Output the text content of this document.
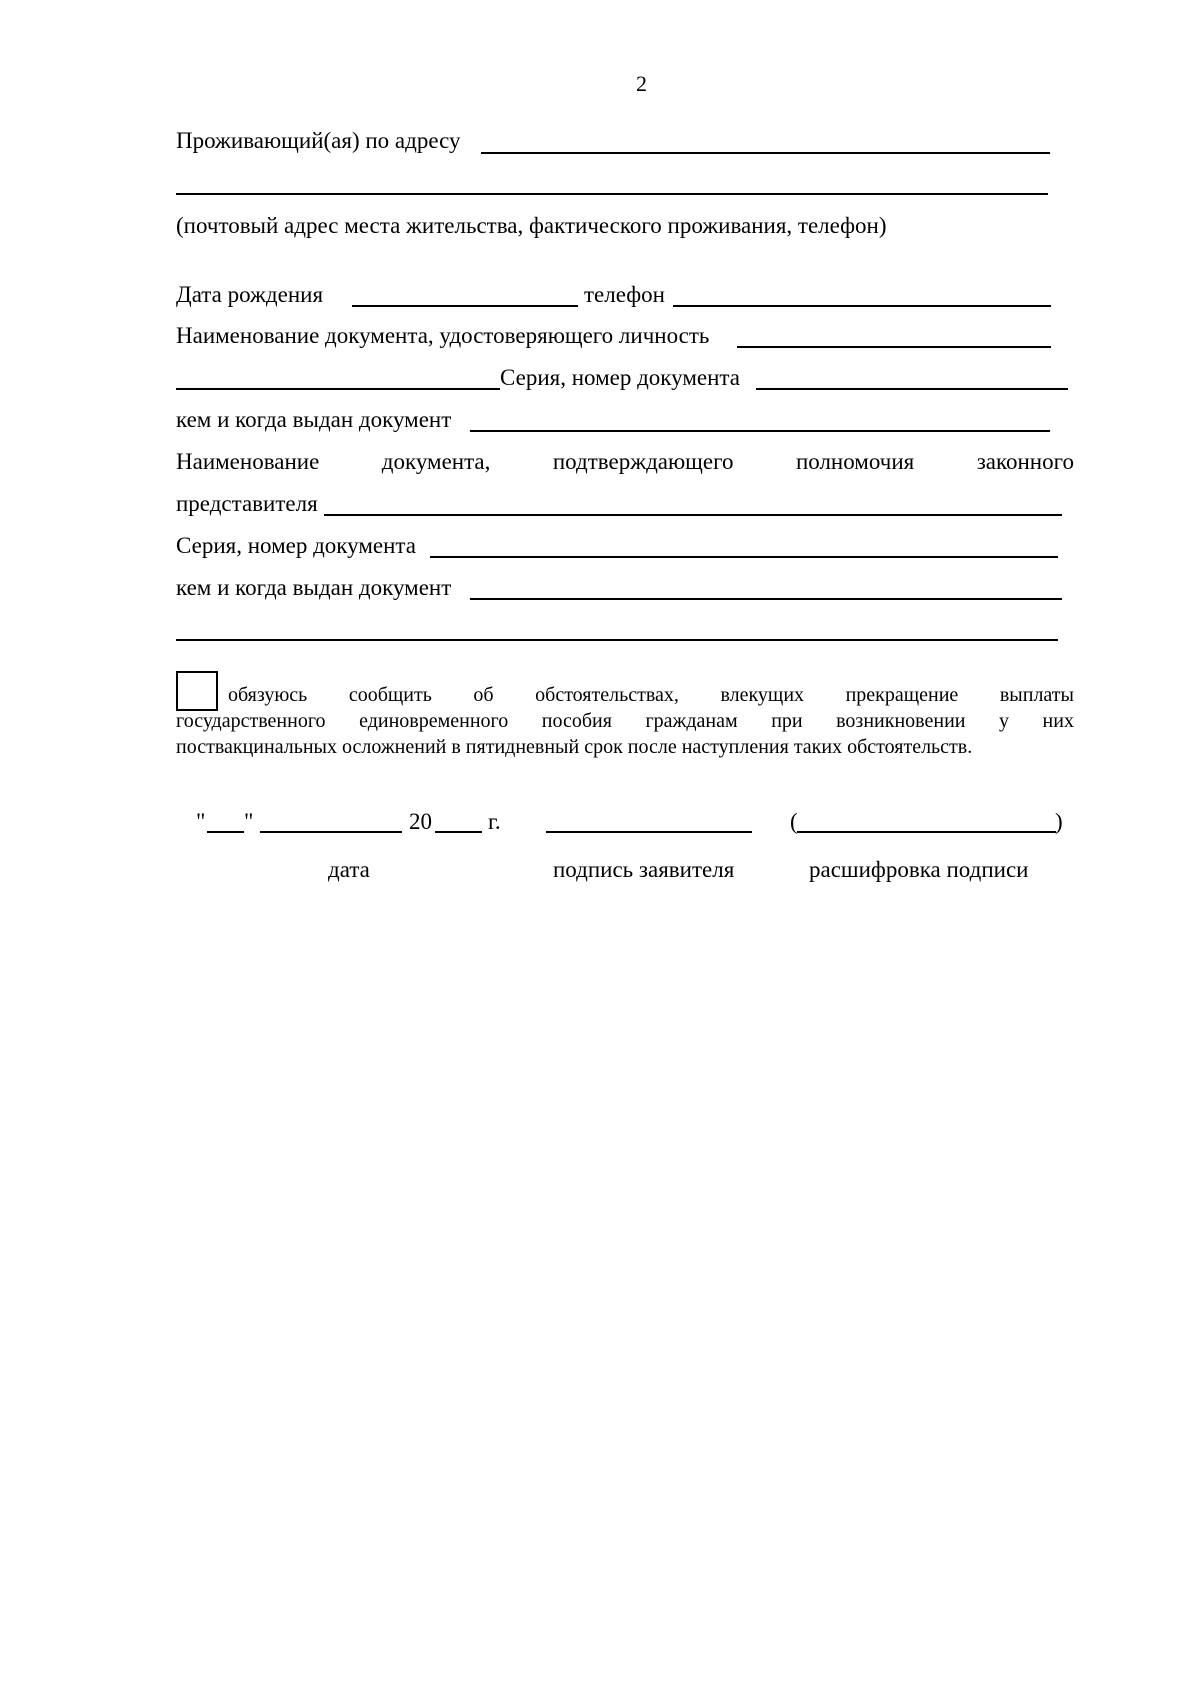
2
Проживающий(ая) по адресу
(почтовый адрес места жительства, фактического проживания, телефон)
Дата рождения	телефон
Наименование документа, удостоверяющего личность
Серия, номер документа
кем и когда выдан документ
Наименование	документа,	подтверждающего	полномочия	законного
представителя
Серия, номер документа
кем и когда выдан документ
обязуюсь сообщить об обстоятельствах, влекущих прекращение выплаты
государственного единовременного пособия гражданам при возникновении у них
поствакцинальных осложнений в пятидневный срок после наступления таких обстоятельств.
" "	20 г.	(	)
дата	подпись заявителя	расшифровка подписи
